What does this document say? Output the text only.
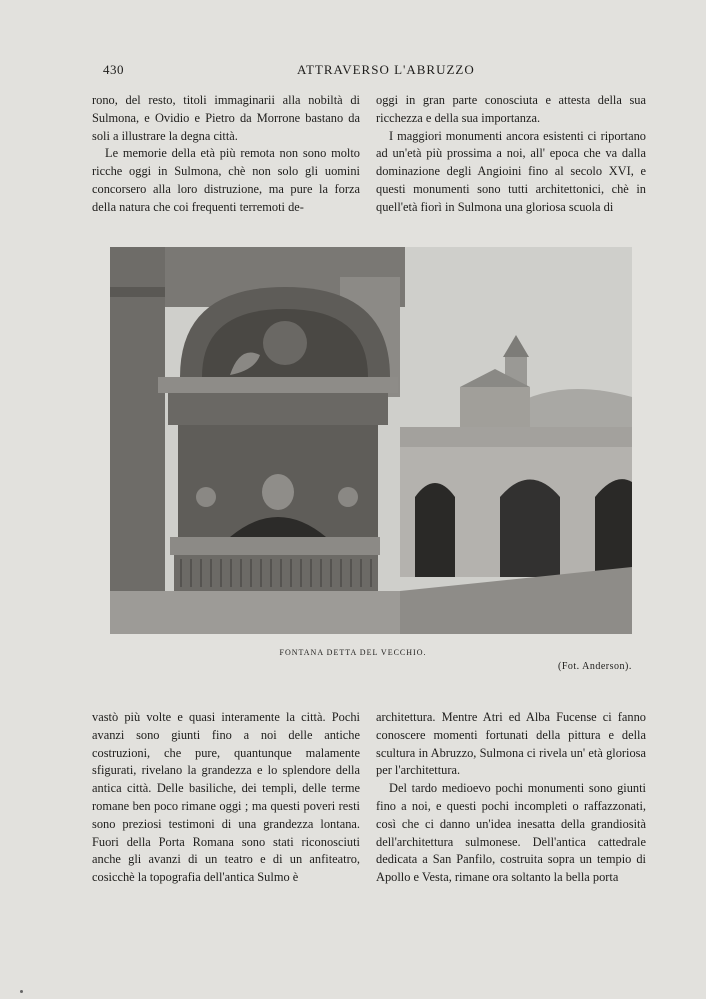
430	ATTRAVERSO L'ABRUZZO

rono, del resto, titoli immaginarii alla nobiltà di Sulmona, e Ovidio e Pietro da Morrone bastano da soli a illustrare la degna città.

Le memorie della età più remota non sono molto ricche oggi in Sulmona, chè non solo gli uomini concorsero alla loro distruzione, ma pure la forza della natura che coi frequenti terremoti de-

oggi in gran parte conosciuta e attesta della sua ricchezza e della sua importanza.

I maggiori monumenti ancora esistenti ci riportano ad un'età più prossima a noi, all' epoca che va dalla dominazione degli Angioini fino al secolo XVI, e questi monumenti sono tutti architettonici, chè in quell'età fiorì in Sulmona una gloriosa scuola di

FONTANA DETTA DEL VECCHIO.
(Fot. Anderson).

vastò più volte e quasi interamente la città. Pochi avanzi sono giunti fino a noi delle antiche costruzioni, che pure, quantunque malamente sfigurati, rivelano la grandezza e lo splendore della antica città. Delle basiliche, dei templi, delle terme romane ben poco rimane oggi ; ma questi poveri resti sono preziosi testimoni di una grandezza lontana. Fuori della Porta Romana sono stati riconosciuti anche gli avanzi di un teatro e di un anfiteatro, cosicchè la topografia dell'antica Sulmo è

architettura. Mentre Atri ed Alba Fucense ci fanno conoscere momenti fortunati della pittura e della scultura in Abruzzo, Sulmona ci rivela un' età gloriosa per l'architettura.

Del tardo medioevo pochi monumenti sono giunti fino a noi, e questi pochi incompleti o raffazzonati, così che ci danno un'idea inesatta della grandiosità dell'architettura sulmonese. Dell'antica cattedrale dedicata a San Panfilo, costruita sopra un tempio di Apollo e Vesta, rimane ora soltanto la bella porta
